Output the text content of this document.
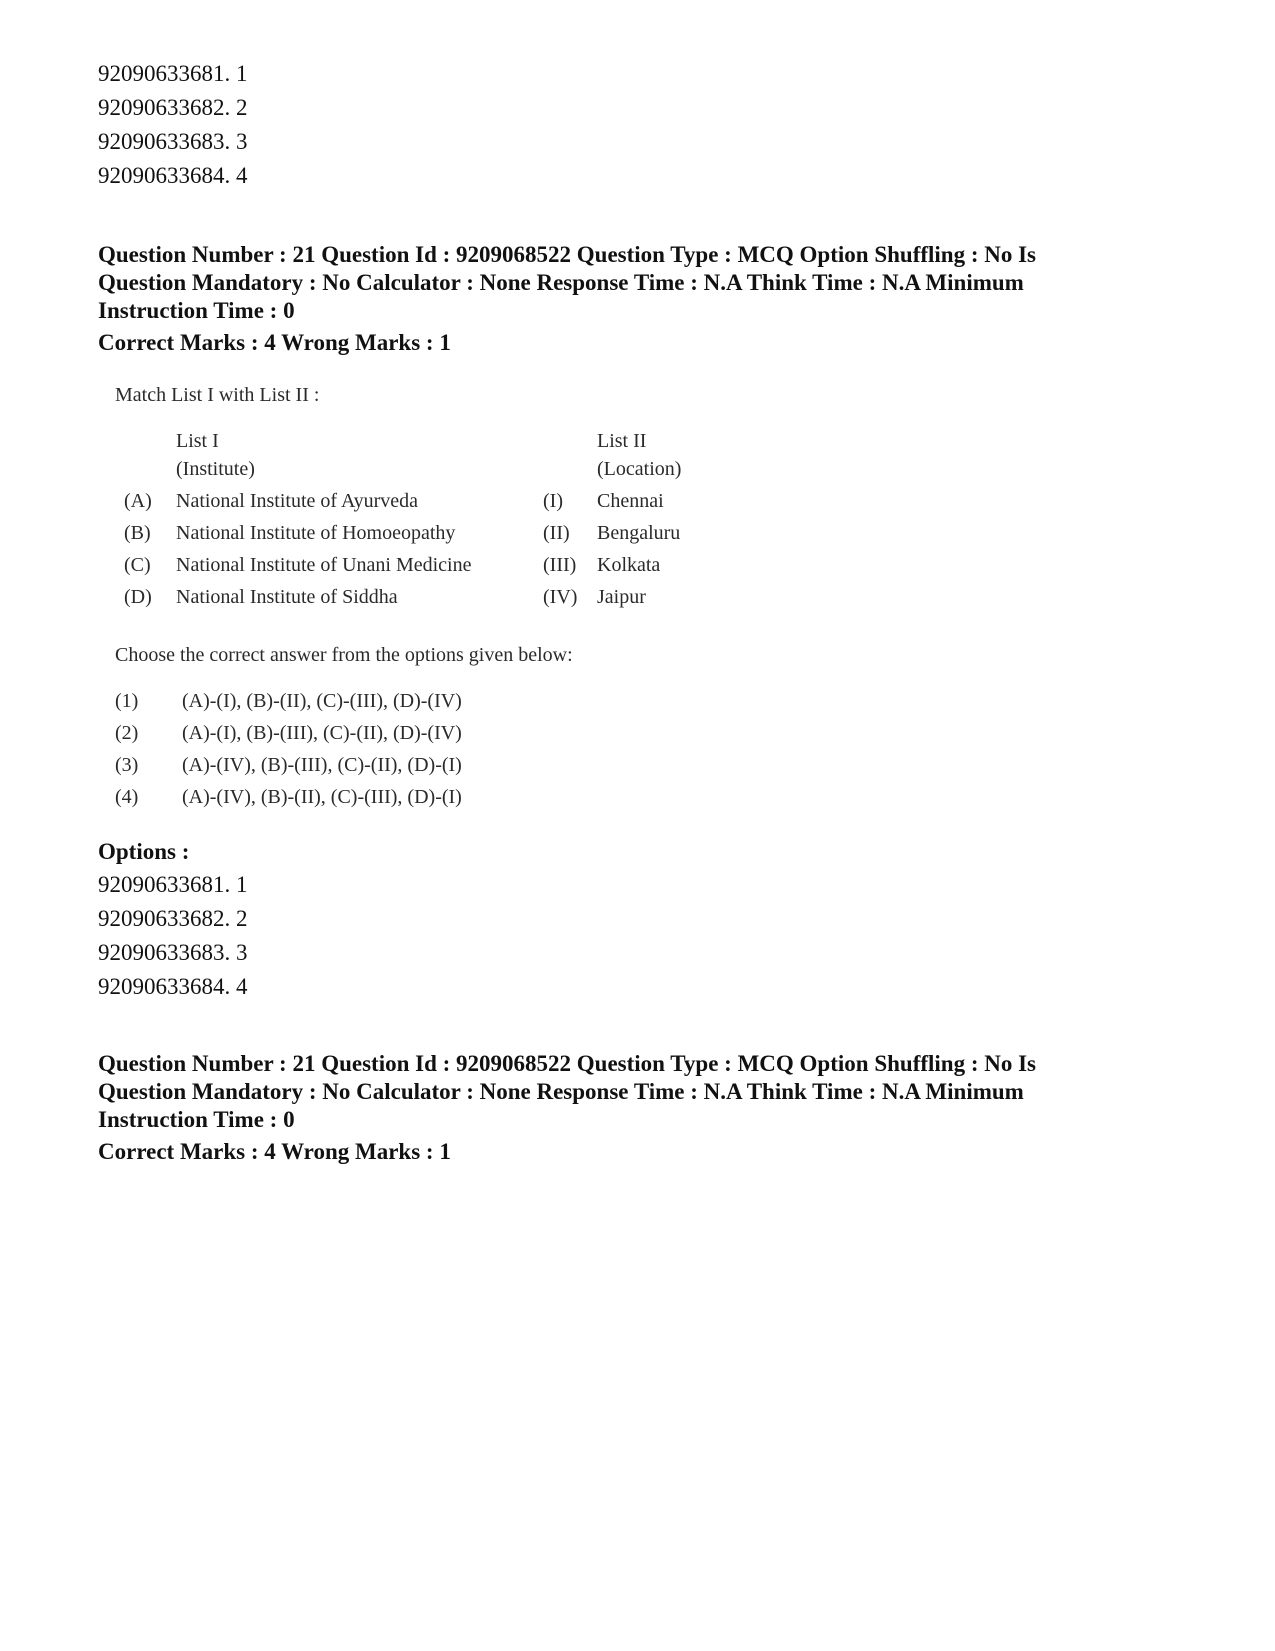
92090633681. 1
92090633682. 2
92090633683. 3
92090633684. 4
Question Number : 21 Question Id : 9209068522 Question Type : MCQ Option Shuffling : No Is
Question Mandatory : No Calculator : None Response Time : N.A Think Time : N.A Minimum
Instruction Time : 0
Correct Marks : 4 Wrong Marks : 1
Match List I with List II :
List I
(Institute)
List II
(Location)
(A) National Institute of Ayurveda	(I) Chennai
(B) National Institute of Homoeopathy	(II) Bengaluru
(C) National Institute of Unani Medicine	(III) Kolkata
(D) National Institute of Siddha	(IV) Jaipur
Choose the correct answer from the options given below:
(1) (A)-(I), (B)-(II), (C)-(III), (D)-(IV)
(2) (A)-(I), (B)-(III), (C)-(II), (D)-(IV)
(3) (A)-(IV), (B)-(III), (C)-(II), (D)-(I)
(4) (A)-(IV), (B)-(II), (C)-(III), (D)-(I)
Options :
92090633681. 1
92090633682. 2
92090633683. 3
92090633684. 4
Question Number : 21 Question Id : 9209068522 Question Type : MCQ Option Shuffling : No Is
Question Mandatory : No Calculator : None Response Time : N.A Think Time : N.A Minimum
Instruction Time : 0
Correct Marks : 4 Wrong Marks : 1
